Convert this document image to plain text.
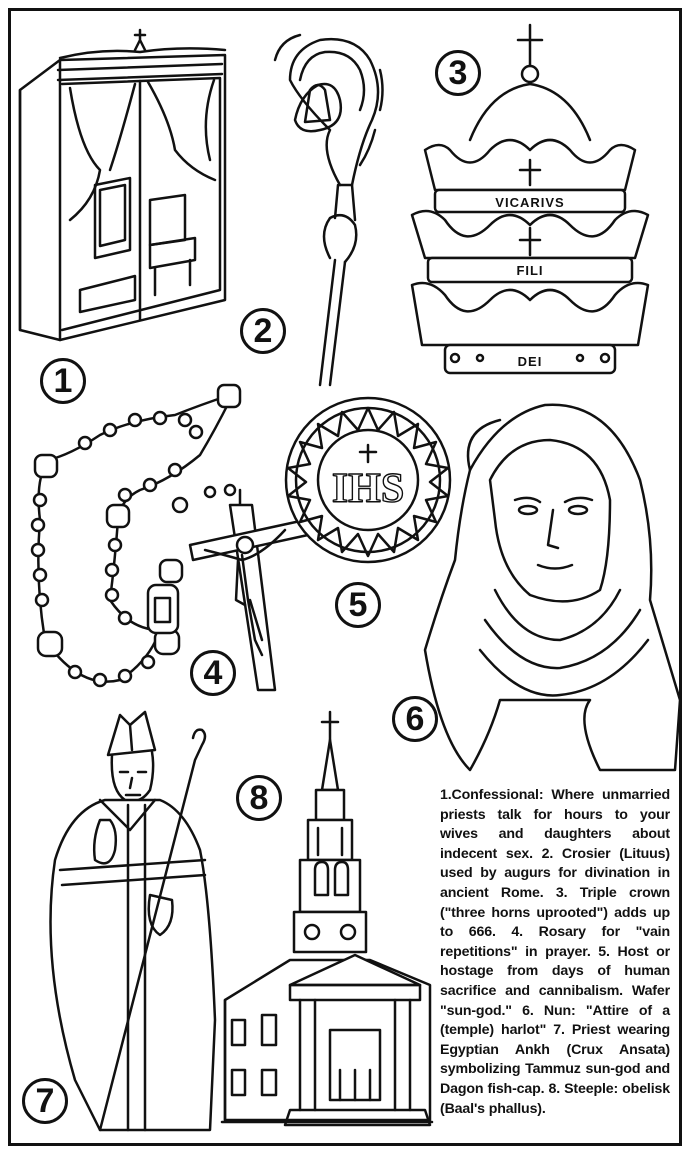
VICARIVS
FILI
DEI
IHS
1
2
3
4
5
6
7
8	1.Confessional: Where unmarried priests talk for hours to your wives and daughters about indecent sex. 2. Crosier (Lituus) used by augurs for divination in ancient Rome. 3. Triple crown ("three horns uprooted") adds up to 666. 4. Rosary for "vain repetitions" in prayer. 5. Host or hostage from days of human sacrifice and cannibalism. Wafer "sun-god." 6. Nun: "Attire of a (temple) harlot" 7. Priest wearing Egyptian Ankh (Crux Ansata) symbolizing Tammuz sun-god and Dagon fish-cap. 8. Steeple: obelisk (Baal's phallus).
